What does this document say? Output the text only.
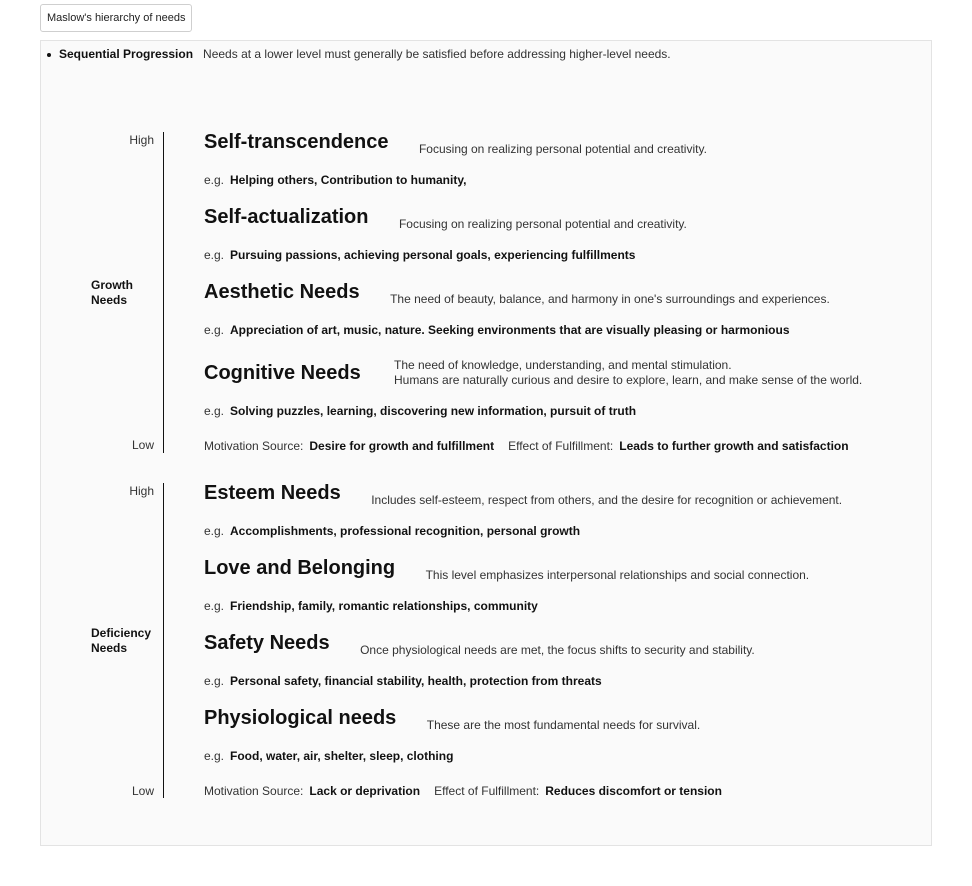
Maslow's hierarchy of needs
Sequential Progression Needs at a lower level must generally be satisfied before addressing higher-level needs.
High
Low
Growth Needs
Self-transcendence	Focusing on realizing personal potential and creativity.
e.g. Helping others, Contribution to humanity,
Self-actualization	Focusing on realizing personal potential and creativity.
e.g. Pursuing passions, achieving personal goals, experiencing fulfillments
Aesthetic Needs	The need of beauty, balance, and harmony in one's surroundings and experiences.
e.g. Appreciation of art, music, nature. Seeking environments that are visually pleasing or harmonious
Cognitive Needs	The need of knowledge, understanding, and mental stimulation.
Humans are naturally curious and desire to explore, learn, and make sense of the world.
e.g. Solving puzzles, learning, discovering new information, pursuit of truth
Motivation Source: Desire for growth and fulfillment Effect of Fulfillment: Leads to further growth and satisfaction
High
Low
Deficiency Needs
Esteem Needs	Includes self-esteem, respect from others, and the desire for recognition or achievement.
e.g. Accomplishments, professional recognition, personal growth
Love and Belonging	This level emphasizes interpersonal relationships and social connection.
e.g. Friendship, family, romantic relationships, community
Safety Needs	Once physiological needs are met, the focus shifts to security and stability.
e.g. Personal safety, financial stability, health, protection from threats
Physiological needs	These are the most fundamental needs for survival.
e.g. Food, water, air, shelter, sleep, clothing
Motivation Source: Lack or deprivation Effect of Fulfillment: Reduces discomfort or tension
